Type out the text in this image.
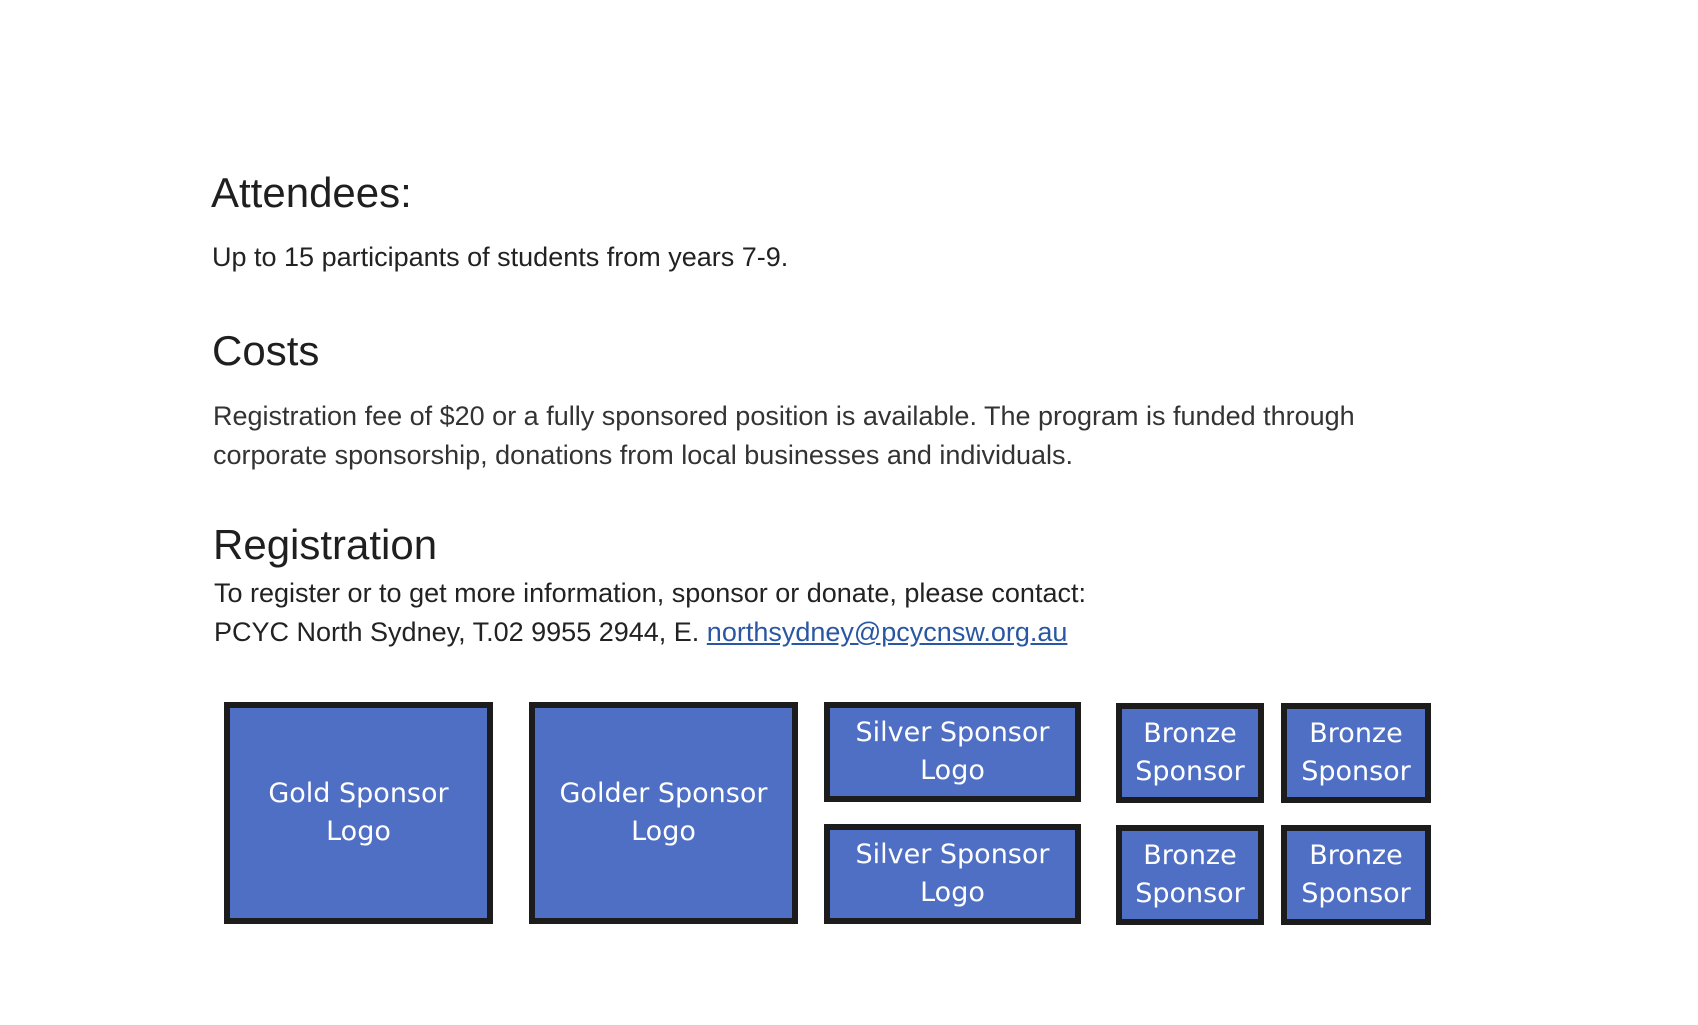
Attendees:

Up to 15 participants of students from years 7-9.

Costs

Registration fee of $20 or a fully sponsored position is available. The program is funded through corporate sponsorship, donations from local businesses and individuals.

Registration

To register or to get more information, sponsor or donate, please contact:

PCYC North Sydney, T.02 9955 2944, E. northsydney@pcycnsw.org.au

Gold Sponsor
Logo
Golder Sponsor
Logo
Silver Sponsor
Logo
Silver Sponsor
Logo
Bronze
Sponsor
Bronze
Sponsor
Bronze
Sponsor
Bronze
Sponsor
